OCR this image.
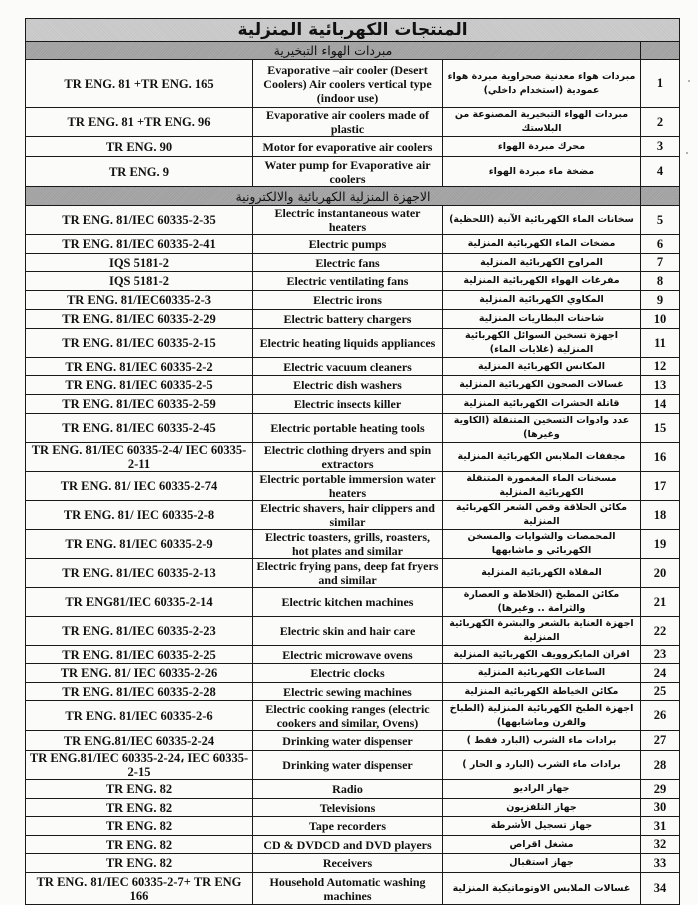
المنتجات الكهربائية المنزلية			
مبردات الهواء التبخيرية			
TR ENG. 81 +TR ENG. 165	Evaporative –air cooler (Desert Coolers) Air coolers vertical type (indoor use)	مبردات هواء معدنية صحراوية مبردة هواء عمودية (استخدام داخلي)	1
TR ENG. 81 +TR ENG. 96	Evaporative air coolers made of plastic	مبردات الهواء التبخيرية المصنوعة من البلاستك	2
TR ENG. 90	Motor for evaporative air coolers	محرك مبردة الهواء	3
TR ENG. 9	Water pump for Evaporative air coolers	مضخة ماء مبردة الهواء	4
الاجهزة المنزلية الكهربائية والالكترونية			
TR ENG. 81/IEC 60335-2-35	Electric instantaneous water heaters	سخانات الماء الكهربائية الآنية (اللحظية)	5
TR ENG. 81/IEC 60335-2-41	Electric pumps	مضخات الماء الكهربائية المنزلية	6
IQS 5181-2	Electric fans	المراوح الكهربائية المنزلية	7
IQS 5181-2	Electric ventilating fans	مفرغات الهواء الكهربائية المنزلية	8
TR ENG. 81/IEC60335-2-3	Electric irons	المكاوي الكهربائية المنزلية	9
TR ENG. 81/IEC 60335-2-29	Electric battery chargers	شاحنات البطاريات المنزلية	10
TR ENG. 81/IEC 60335-2-15	Electric heating liquids appliances	اجهزة تسخين السوائل الكهربائية المنزلية (غلايات الماء)	11
TR ENG. 81/IEC 60335-2-2	Electric vacuum cleaners	المكانس الكهربائية المنزلية	12
TR ENG. 81/IEC 60335-2-5	Electric dish washers	غسالات الصحون الكهربائية المنزلية	13
TR ENG. 81/IEC 60335-2-59	Electric insects killer	قاتلة الحشرات الكهربائية المنزلية	14
TR ENG. 81/IEC 60335-2-45	Electric portable heating tools	عدد وادوات التسخين المتنقلة (الكاوية وغيرها)	15
TR ENG. 81/IEC 60335-2-4/ IEC 60335-2-11	Electric clothing dryers and spin extractors	مجففات الملابس الكهربائية المنزلية	16
TR ENG. 81/ IEC 60335-2-74	Electric portable immersion water heaters	مسخنات الماء المغمورة المتنقلة الكهربائية المنزلية	17
TR ENG. 81/ IEC 60335-2-8	Electric shavers, hair clippers and similar	مكائن الحلاقة وقص الشعر الكهربائية المنزلية	18
TR ENG. 81/IEC 60335-2-9	Electric toasters, grills, roasters, hot plates and similar	المحمصات والشوايات والمسخن الكهربائي و ماشابهها	19
TR ENG. 81/IEC 60335-2-13	Electric frying pans, deep fat fryers and similar	المقلاة الكهربائية المنزلية	20
TR ENG81/IEC 60335-2-14	Electric kitchen machines	مكائن المطبخ (الخلاطة و العصارة والثرامة .. وغيرها)	21
TR ENG. 81/IEC 60335-2-23	Electric skin and hair care	اجهزة العناية بالشعر والبشرة الكهربائية المنزلية	22
TR ENG. 81/IEC 60335-2-25	Electric microwave ovens	افران المايكروويف الكهربائية المنزلية	23
TR ENG. 81/ IEC 60335-2-26	Electric clocks	الساعات الكهربائية المنزلية	24
TR ENG. 81/IEC 60335-2-28	Electric sewing machines	مكائن الخياطة الكهربائية المنزلية	25
TR ENG. 81/IEC 60335-2-6	Electric cooking ranges (electric cookers and similar, Ovens)	اجهزة الطبخ الكهربائية المنزلية (الطباخ والفرن وماشابهها)	26
TR ENG.81/IEC 60335-2-24	Drinking water dispenser	برادات ماء الشرب (البارد فقط )	27
TR ENG.81/IEC 60335-2-24، IEC 60335-2-15	Drinking water dispenser	برادات ماء الشرب (البارد و الحار )	28
TR ENG. 82	Radio	جهاز الراديو	29
TR ENG. 82	Televisions	جهاز التلفزيون	30
TR ENG. 82	Tape recorders	جهاز تسجيل الأشرطة	31
TR ENG. 82	CD & DVDCD and DVD players	مشغل اقراص	32
TR ENG. 82	Receivers	جهاز استقبال	33
TR ENG. 81/IEC 60335-2-7+ TR ENG 166	Household Automatic washing machines	غسالات الملابس الاوتوماتيكية المنزلية	34
